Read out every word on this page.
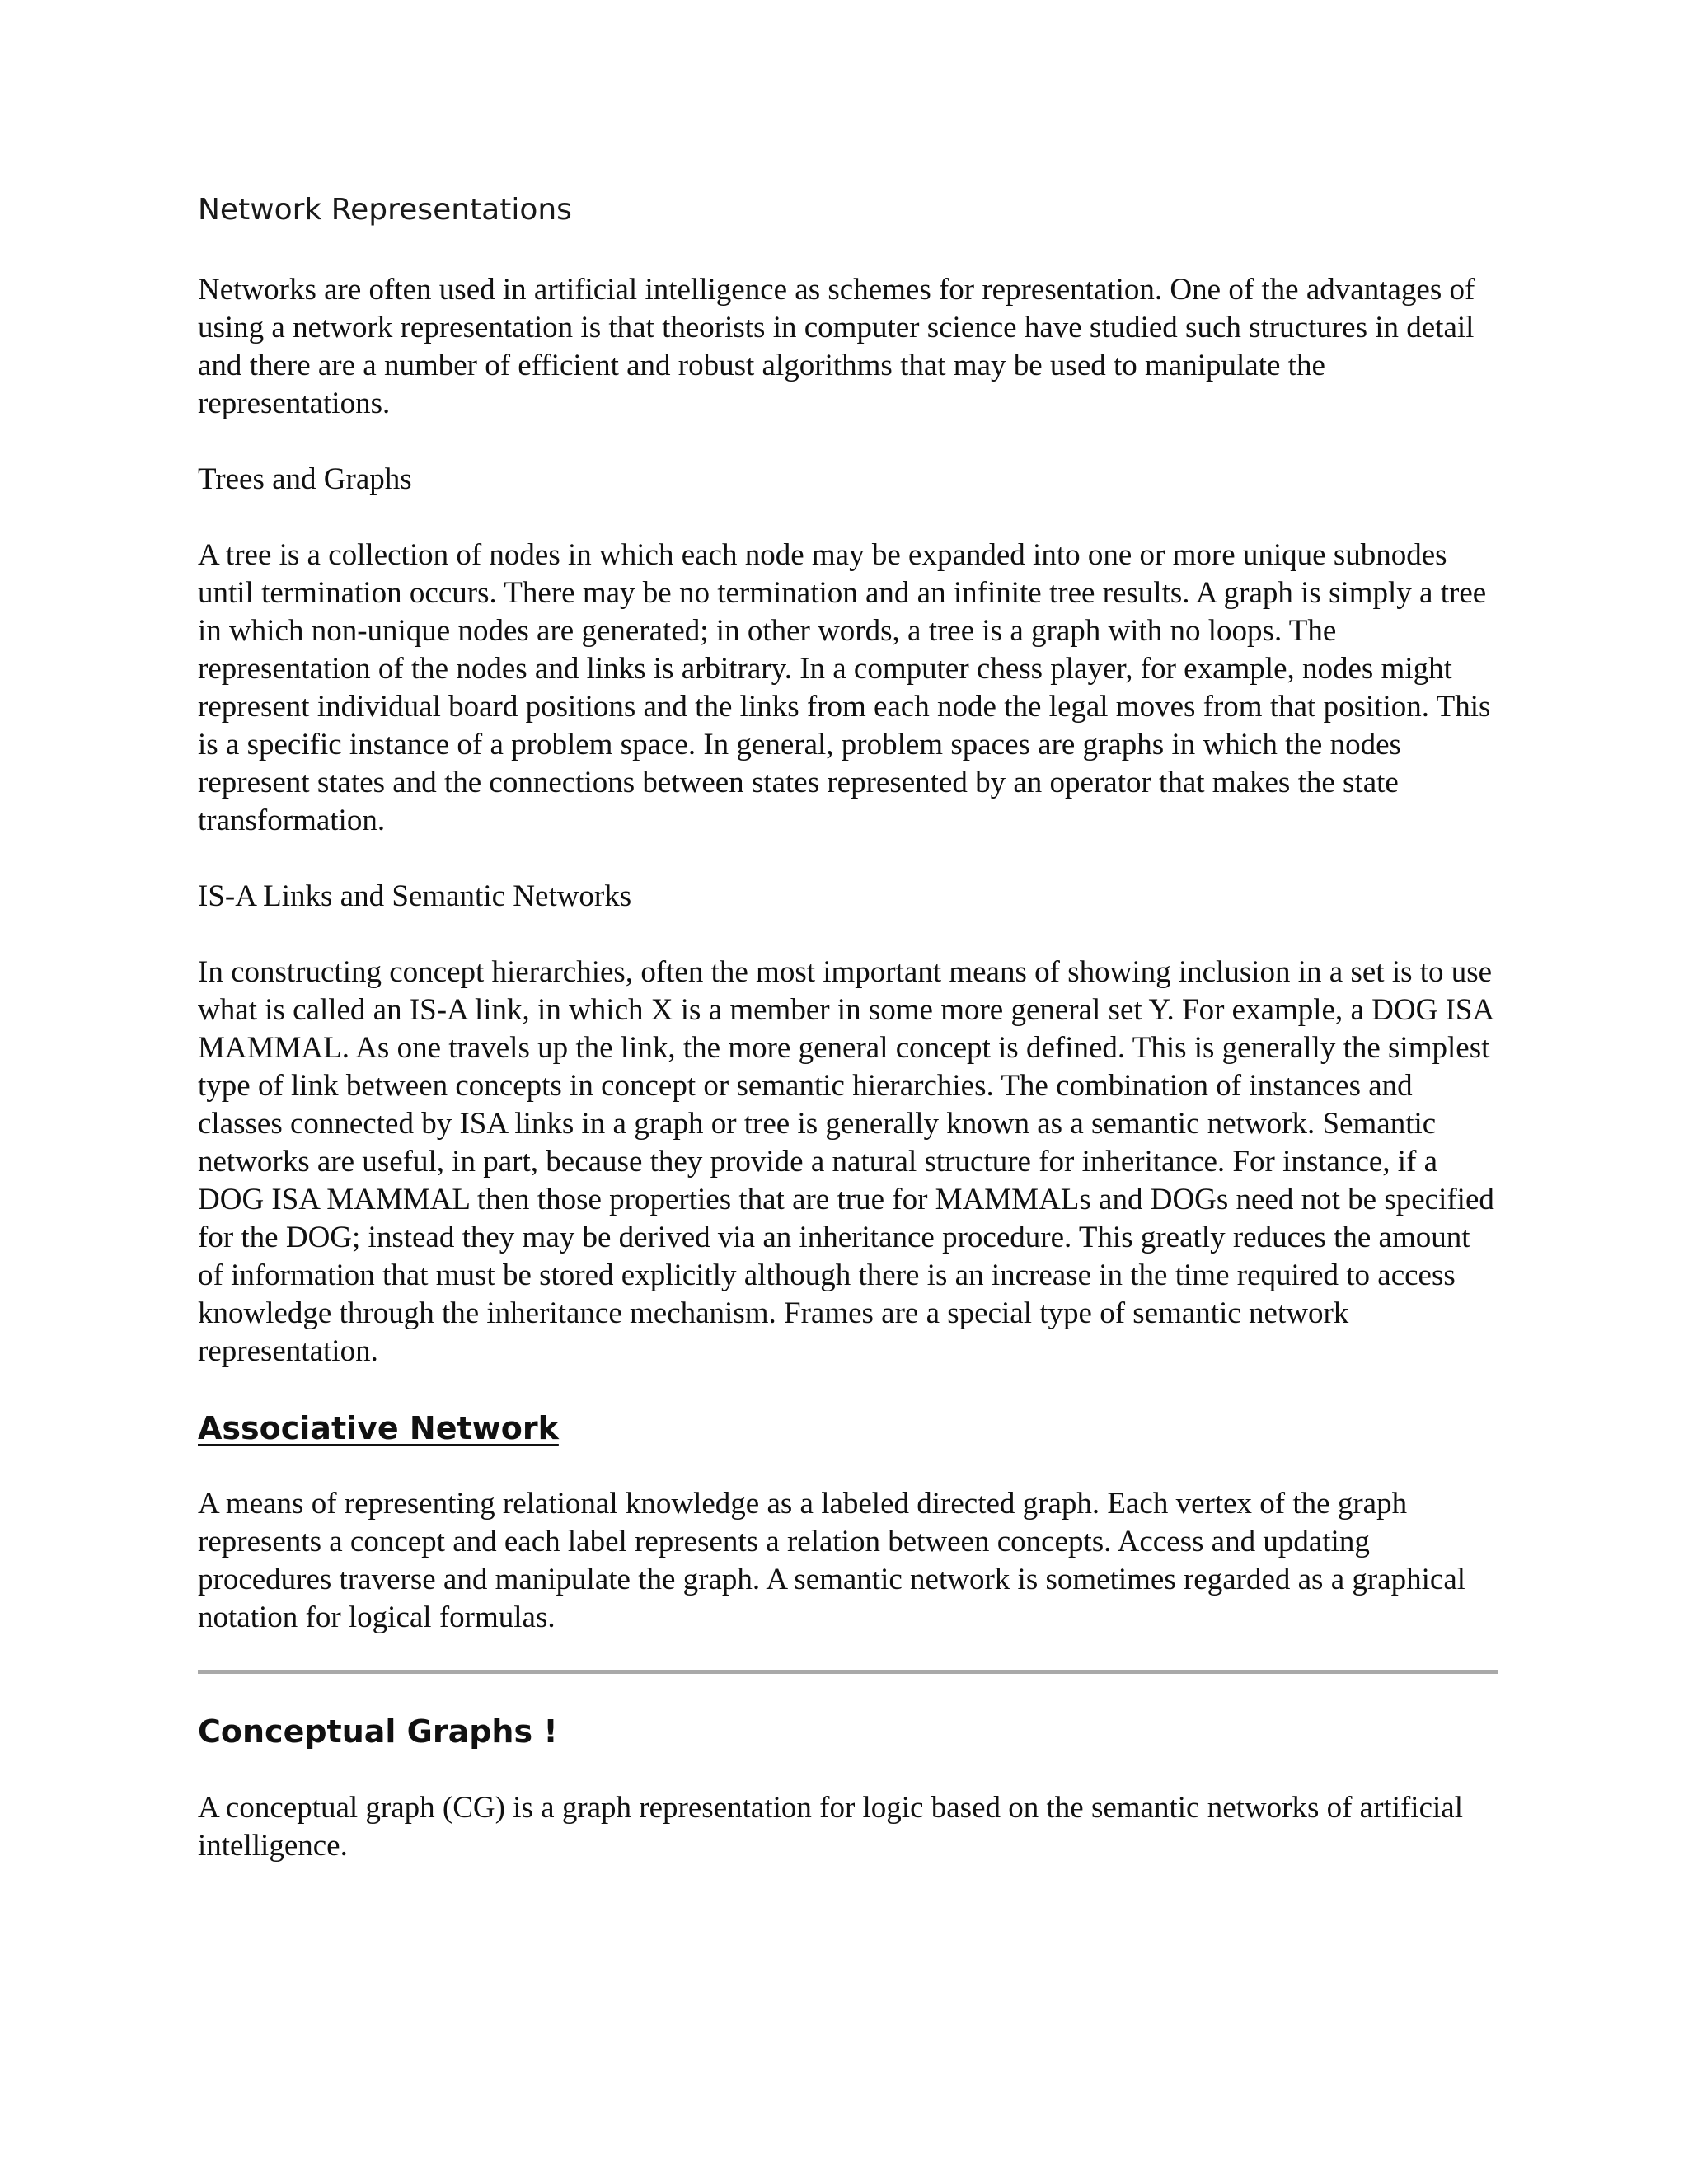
Network Representations
Networks are often used in artificial intelligence as schemes for representation. One of the advantages of using a network representation is that theorists in computer science have studied such structures in detail and there are a number of efficient and robust algorithms that may be used to manipulate the representations.
Trees and Graphs
A tree is a collection of nodes in which each node may be expanded into one or more unique subnodes until termination occurs. There may be no termination and an infinite tree results. A graph is simply a tree in which non-unique nodes are generated; in other words, a tree is a graph with no loops. The representation of the nodes and links is arbitrary. In a computer chess player, for example, nodes might represent individual board positions and the links from each node the legal moves from that position. This is a specific instance of a problem space. In general, problem spaces are graphs in which the nodes represent states and the connections between states represented by an operator that makes the state transformation.
IS-A Links and Semantic Networks
In constructing concept hierarchies, often the most important means of showing inclusion in a set is to use what is called an IS-A link, in which X is a member in some more general set Y. For example, a DOG ISA MAMMAL. As one travels up the link, the more general concept is defined. This is generally the simplest type of link between concepts in concept or semantic hierarchies. The combination of instances and classes connected by ISA links in a graph or tree is generally known as a semantic network. Semantic networks are useful, in part, because they provide a natural structure for inheritance. For instance, if a DOG ISA MAMMAL then those properties that are true for MAMMALs and DOGs need not be specified for the DOG; instead they may be derived via an inheritance procedure. This greatly reduces the amount of information that must be stored explicitly although there is an increase in the time required to access knowledge through the inheritance mechanism. Frames are a special type of semantic network representation.
Associative Network
A means of representing relational knowledge as a labeled directed graph. Each vertex of the graph represents a concept and each label represents a relation between concepts. Access and updating procedures traverse and manipulate the graph. A semantic network is sometimes regarded as a graphical notation for logical formulas.
Conceptual Graphs !
A conceptual graph (CG) is a graph representation for logic based on the semantic networks of artificial intelligence.
